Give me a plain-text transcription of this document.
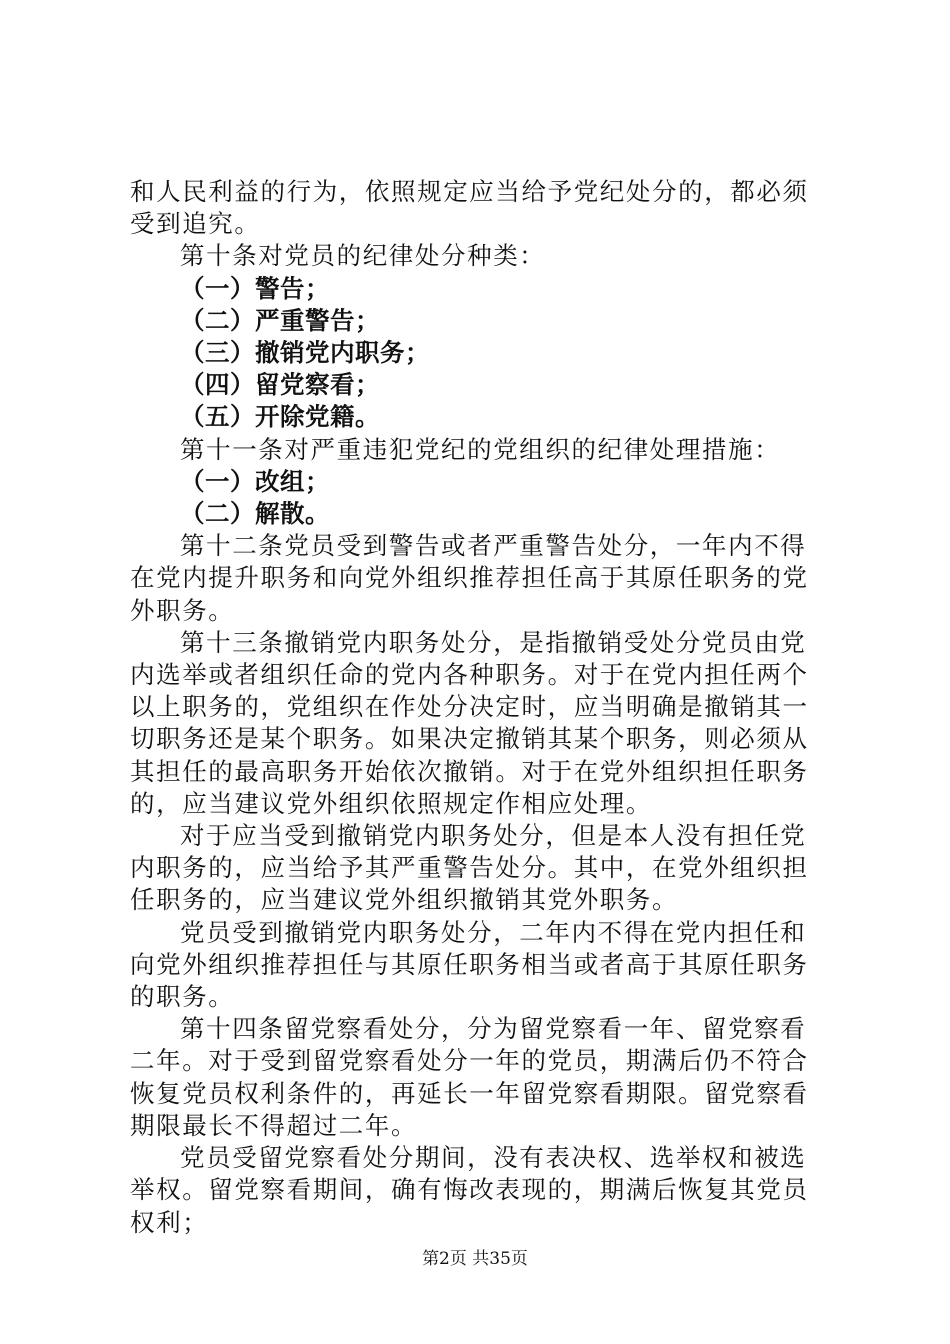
和人民利益的行为，依照规定应当给予党纪处分的，都必须受到追究。

第十条对党员的纪律处分种类：

（一）警告；

（二）严重警告；

（三）撤销党内职务；

（四）留党察看；

（五）开除党籍。

第十一条对严重违犯党纪的党组织的纪律处理措施：

（一）改组；

（二）解散。

第十二条党员受到警告或者严重警告处分，一年内不得在党内提升职务和向党外组织推荐担任高于其原任职务的党外职务。

第十三条撤销党内职务处分，是指撤销受处分党员由党内选举或者组织任命的党内各种职务。对于在党内担任两个以上职务的，党组织在作处分决定时，应当明确是撤销其一切职务还是某个职务。如果决定撤销其某个职务，则必须从其担任的最高职务开始依次撤销。对于在党外组织担任职务的，应当建议党外组织依照规定作相应处理。

对于应当受到撤销党内职务处分，但是本人没有担任党内职务的，应当给予其严重警告处分。其中，在党外组织担任职务的，应当建议党外组织撤销其党外职务。

党员受到撤销党内职务处分，二年内不得在党内担任和向党外组织推荐担任与其原任职务相当或者高于其原任职务的职务。

第十四条留党察看处分，分为留党察看一年、留党察看二年。对于受到留党察看处分一年的党员，期满后仍不符合恢复党员权利条件的，再延长一年留党察看期限。留党察看期限最长不得超过二年。

党员受留党察看处分期间，没有表决权、选举权和被选举权。留党察看期间，确有悔改表现的，期满后恢复其党员权利；

第2页 共35页
